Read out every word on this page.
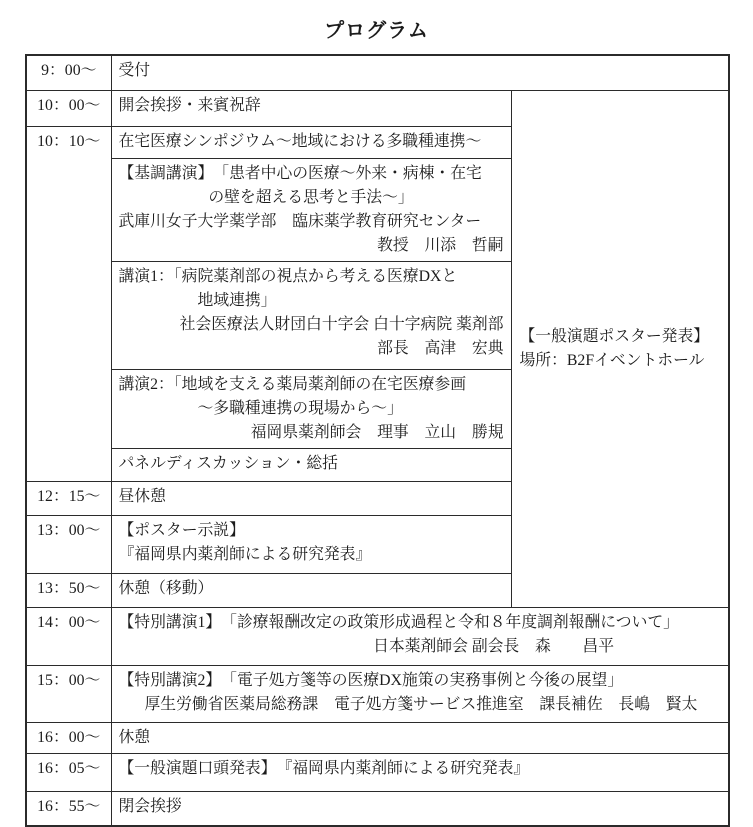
プログラム
9：00～	受付	
10：00～	開会挨拶・来賓祝辞	【一般演題ポスター発表】
場所：B2Fイベントホール

10：10～	在宅医療シンポジウム～地域における多職種連携～	

	【基調講演】　「患者中心の医療～外来・病棟・在宅
の壁を超える思考と手法～」
武庫川女子大学薬学部　臨床薬学教育研究センター
教授　川添　哲嗣	

	講演1：「病院薬剤部の視点から考える医療DXと
地域連携」
社会医療法人財団白十字会 白十字病院 薬剤部
部長　高津　宏典	

	講演2：「地域を支える薬局薬剤師の在宅医療参画
～多職種連携の現場から～」
福岡県薬剤師会　理事　立山　勝規	

	パネルディスカッション・総括	
12：15～	昼休憩	
13：00～	【ポスター示説】
『福岡県内薬剤師による研究発表』	

13：50～	休憩（移動）	
14：00～	【特別講演1】　「診療報酬改定の政策形成過程と令和８年度調剤報酬について」
日本薬剤師会 副会長　森　　昌平	

15：00～	【特別講演2】　「電子処方箋等の医療DX施策の実務事例と今後の展望」
厚生労働省医薬局総務課　電子処方箋サービス推進室　課長補佐　長嶋　賢太	

16：00～	休憩	
16：05～	【一般演題口頭発表】　『福岡県内薬剤師による研究発表』	
16：55～	閉会挨拶	
